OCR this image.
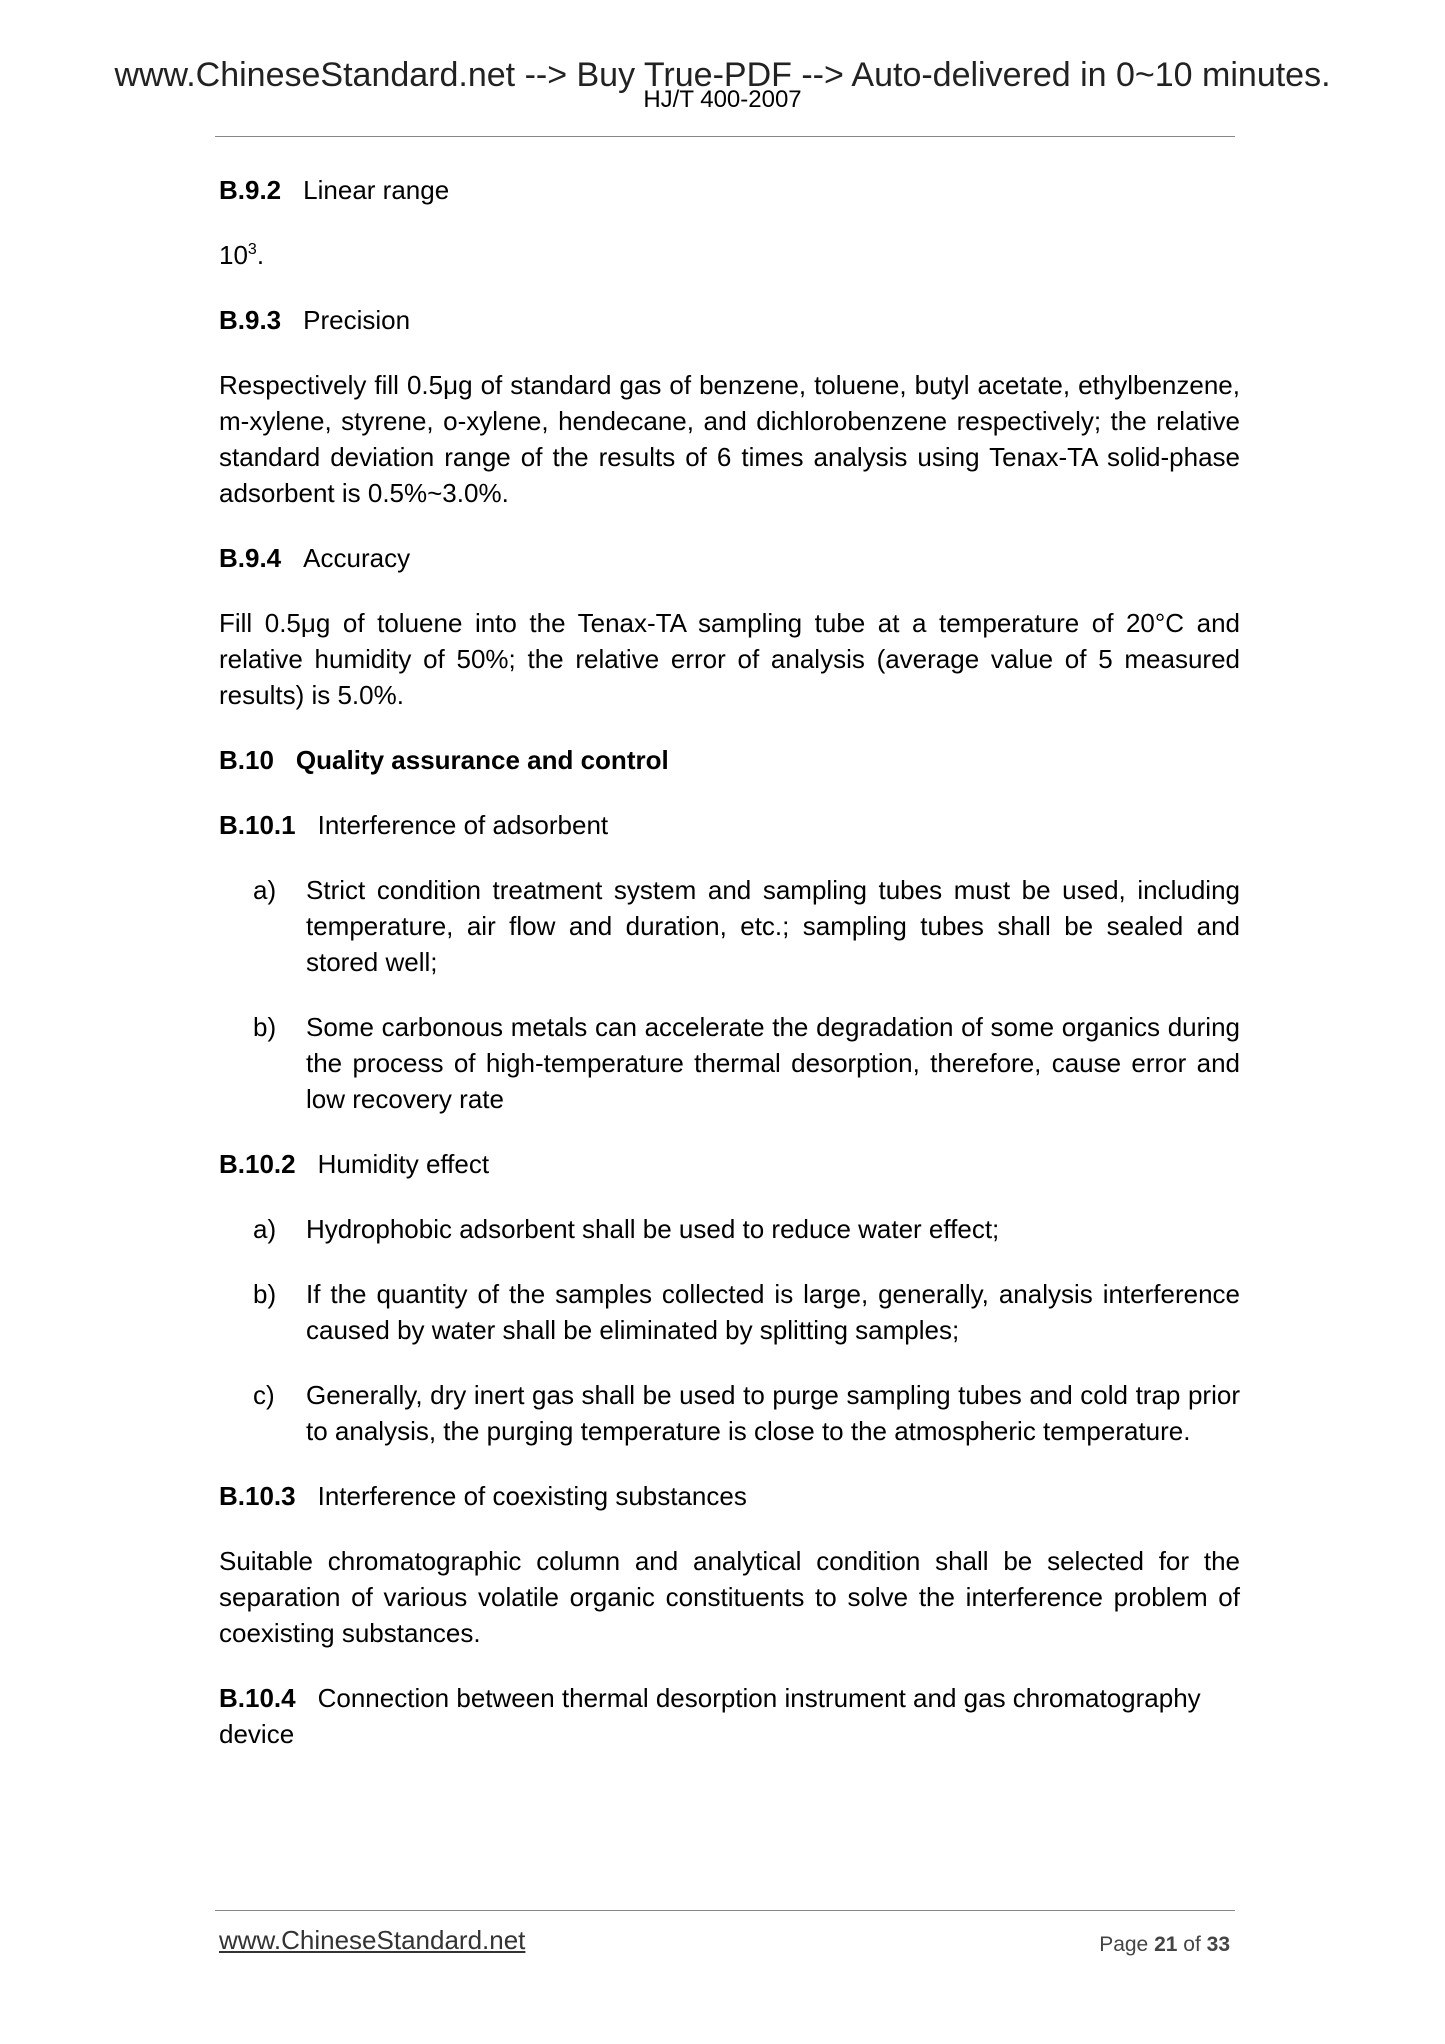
www.ChineseStandard.net --> Buy True-PDF --> Auto-delivered in 0~10 minutes.
HJ/T 400-2007
B.9.2 Linear range
$10^3$.
B.9.3 Precision
Respectively fill 0.5μg of standard gas of benzene, toluene, butyl acetate, ethylbenzene, m-xylene, styrene, o-xylene, hendecane, and dichlorobenzene respectively; the relative standard deviation range of the results of 6 times analysis using Tenax-TA solid-phase adsorbent is 0.5%~3.0%.
B.9.4 Accuracy
Fill 0.5μg of toluene into the Tenax-TA sampling tube at a temperature of 20°C and relative humidity of 50%; the relative error of analysis (average value of 5 measured results) is 5.0%.
B.10 Quality assurance and control
B.10.1 Interference of adsorbent
a)	Strict condition treatment system and sampling tubes must be used, including temperature, air flow and duration, etc.; sampling tubes shall be sealed and stored well;
b)	Some carbonous metals can accelerate the degradation of some organics during the process of high-temperature thermal desorption, therefore, cause error and low recovery rate
B.10.2 Humidity effect
a)	Hydrophobic adsorbent shall be used to reduce water effect;
b)	If the quantity of the samples collected is large, generally, analysis interference caused by water shall be eliminated by splitting samples;
c)	Generally, dry inert gas shall be used to purge sampling tubes and cold trap prior to analysis, the purging temperature is close to the atmospheric temperature.
B.10.3 Interference of coexisting substances
Suitable chromatographic column and analytical condition shall be selected for the separation of various volatile organic constituents to solve the interference problem of coexisting substances.
B.10.4 Connection between thermal desorption instrument and gas chromatography device
www.ChineseStandard.net	Page 21 of 33
